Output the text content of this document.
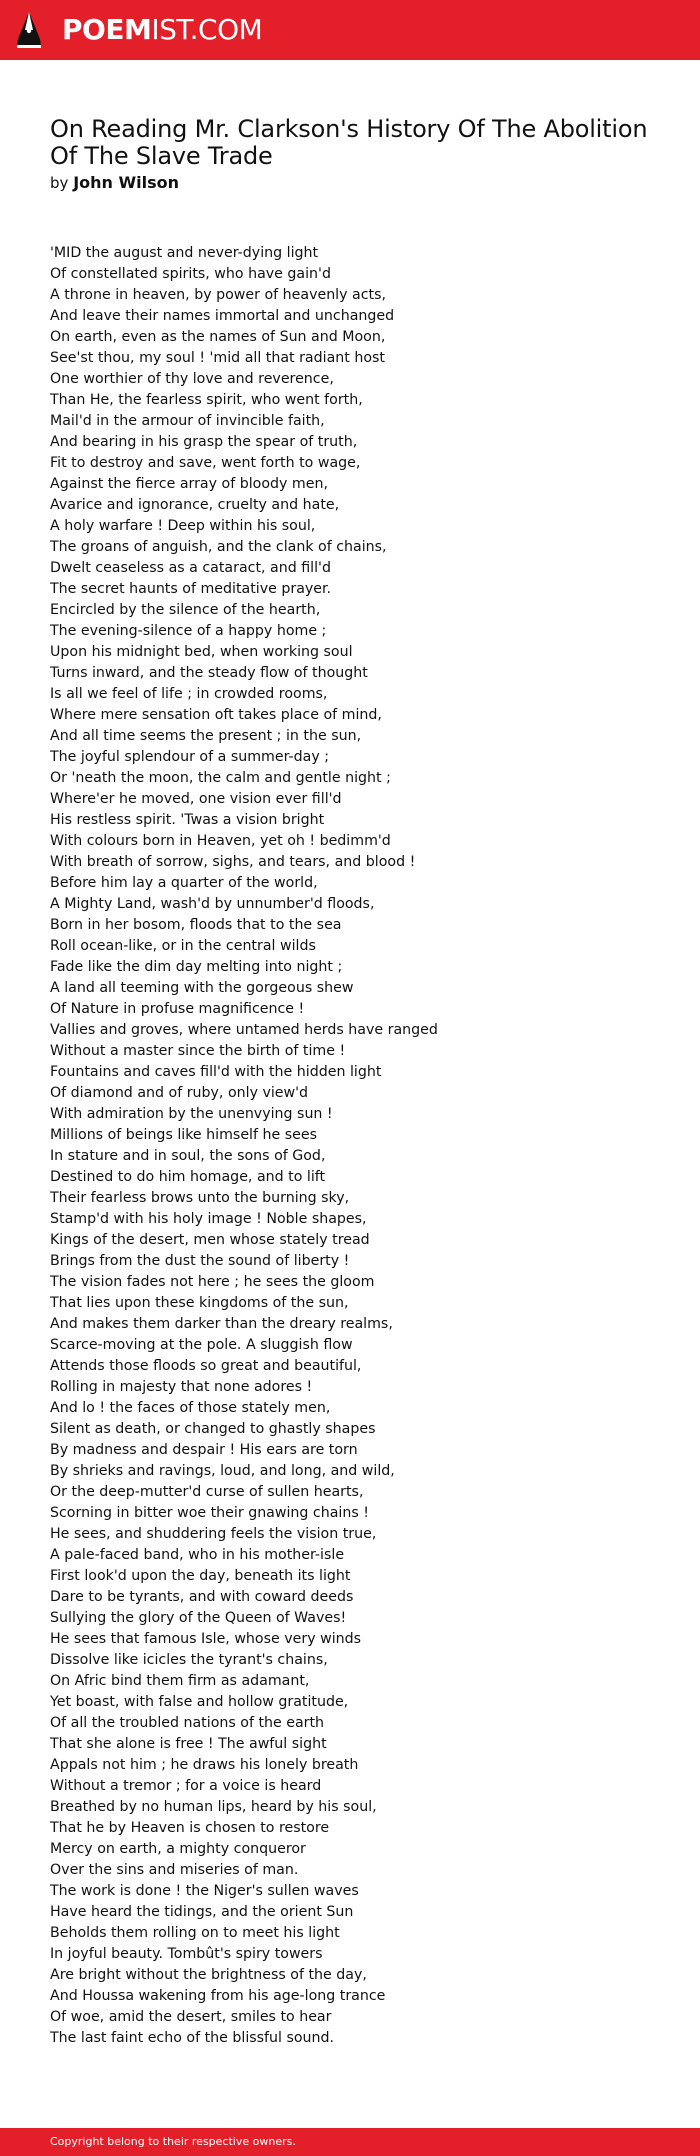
POEMIST.COM
On Reading Mr. Clarkson's History Of The Abolition Of The Slave Trade
by John Wilson
'MID the august and never-dying light
Of constellated spirits, who have gain'd
A throne in heaven, by power of heavenly acts,
And leave their names immortal and unchanged
On earth, even as the names of Sun and Moon,
See'st thou, my soul ! 'mid all that radiant host
One worthier of thy love and reverence,
Than He, the fearless spirit, who went forth,
Mail'd in the armour of invincible faith,
And bearing in his grasp the spear of truth,
Fit to destroy and save, went forth to wage,
Against the fierce array of bloody men,
Avarice and ignorance, cruelty and hate,
A holy warfare ! Deep within his soul,
The groans of anguish, and the clank of chains,
Dwelt ceaseless as a cataract, and fill'd
The secret haunts of meditative prayer.
Encircled by the silence of the hearth,
The evening-silence of a happy home ;
Upon his midnight bed, when working soul
Turns inward, and the steady flow of thought
Is all we feel of life ; in crowded rooms,
Where mere sensation oft takes place of mind,
And all time seems the present ; in the sun,
The joyful splendour of a summer-day ;
Or 'neath the moon, the calm and gentle night ;
Where'er he moved, one vision ever fill'd
His restless spirit. 'Twas a vision bright
With colours born in Heaven, yet oh ! bedimm'd
With breath of sorrow, sighs, and tears, and blood !
Before him lay a quarter of the world,
A Mighty Land, wash'd by unnumber'd floods,
Born in her bosom, floods that to the sea
Roll ocean-like, or in the central wilds
Fade like the dim day melting into night ;
A land all teeming with the gorgeous shew
Of Nature in profuse magnificence !
Vallies and groves, where untamed herds have ranged
Without a master since the birth of time !
Fountains and caves fill'd with the hidden light
Of diamond and of ruby, only view'd
With admiration by the unenvying sun !
Millions of beings like himself he sees
In stature and in soul, the sons of God,
Destined to do him homage, and to lift
Their fearless brows unto the burning sky,
Stamp'd with his holy image ! Noble shapes,
Kings of the desert, men whose stately tread
Brings from the dust the sound of liberty !
The vision fades not here ; he sees the gloom
That lies upon these kingdoms of the sun,
And makes them darker than the dreary realms,
Scarce-moving at the pole. A sluggish flow
Attends those floods so great and beautiful,
Rolling in majesty that none adores !
And lo ! the faces of those stately men,
Silent as death, or changed to ghastly shapes
By madness and despair ! His ears are torn
By shrieks and ravings, loud, and long, and wild,
Or the deep-mutter'd curse of sullen hearts,
Scorning in bitter woe their gnawing chains !
He sees, and shuddering feels the vision true,
A pale-faced band, who in his mother-isle
First look'd upon the day, beneath its light
Dare to be tyrants, and with coward deeds
Sullying the glory of the Queen of Waves!
He sees that famous Isle, whose very winds
Dissolve like icicles the tyrant's chains,
On Afric bind them firm as adamant,
Yet boast, with false and hollow gratitude,
Of all the troubled nations of the earth
That she alone is free ! The awful sight
Appals not him ; he draws his lonely breath
Without a tremor ; for a voice is heard
Breathed by no human lips, heard by his soul,
That he by Heaven is chosen to restore
Mercy on earth, a mighty conqueror
Over the sins and miseries of man.
The work is done ! the Niger's sullen waves
Have heard the tidings, and the orient Sun
Beholds them rolling on to meet his light
In joyful beauty. Tombût's spiry towers
Are bright without the brightness of the day,
And Houssa wakening from his age-long trance
Of woe, amid the desert, smiles to hear
The last faint echo of the blissful sound.
Copyright belong to their respective owners.
